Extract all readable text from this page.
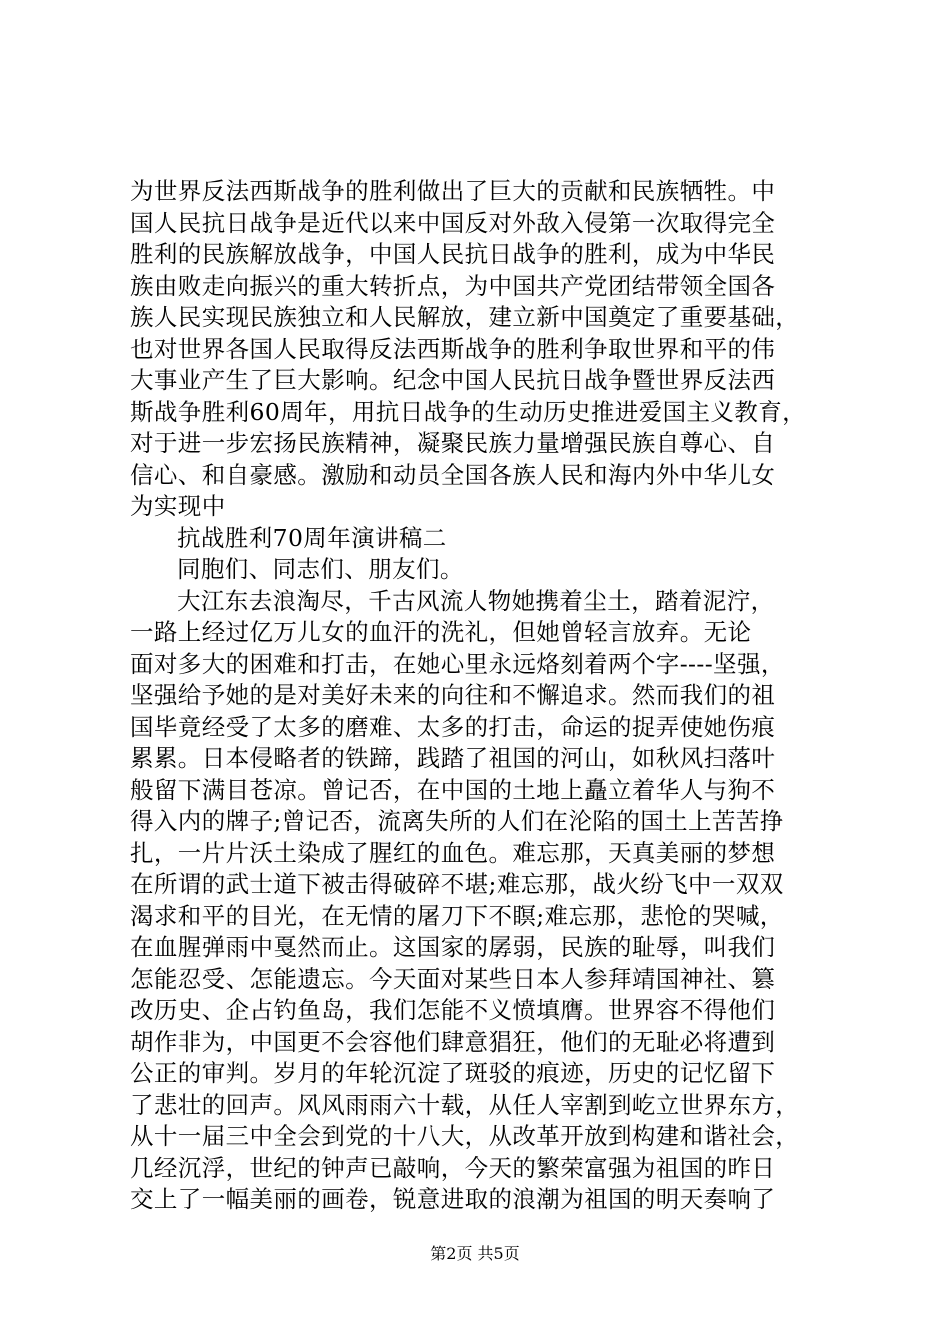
为世界反法西斯战争的胜利做出了巨大的贡献和民族牺牲。中
国人民抗日战争是近代以来中国反对外敌入侵第一次取得完全
胜利的民族解放战争，中国人民抗日战争的胜利，成为中华民
族由败走向振兴的重大转折点，为中国共产党团结带领全国各
族人民实现民族独立和人民解放，建立新中国奠定了重要基础，
也对世界各国人民取得反法西斯战争的胜利争取世界和平的伟
大事业产生了巨大影响。纪念中国人民抗日战争暨世界反法西
斯战争胜利60周年，用抗日战争的生动历史推进爱国主义教育，
对于进一步宏扬民族精神，凝聚民族力量增强民族自尊心、自
信心、和自豪感。激励和动员全国各族人民和海内外中华儿女
为实现中
抗战胜利70周年演讲稿二
同胞们、同志们、朋友们。
大江东去浪淘尽，千古风流人物她携着尘土，踏着泥泞，
一路上经过亿万儿女的血汗的洗礼，但她曾轻言放弃。无论
面对多大的困难和打击，在她心里永远烙刻着两个字----坚强，
坚强给予她的是对美好未来的向往和不懈追求。然而我们的祖
国毕竟经受了太多的磨难、太多的打击，命运的捉弄使她伤痕
累累。日本侵略者的铁蹄，践踏了祖国的河山，如秋风扫落叶
般留下满目苍凉。曾记否，在中国的土地上矗立着华人与狗不
得入内的牌子;曾记否，流离失所的人们在沦陷的国土上苦苦挣
扎，一片片沃土染成了腥红的血色。难忘那，天真美丽的梦想
在所谓的武士道下被击得破碎不堪;难忘那，战火纷飞中一双双
渴求和平的目光，在无情的屠刀下不瞑;难忘那，悲怆的哭喊，
在血腥弹雨中戛然而止。这国家的孱弱，民族的耻辱，叫我们
怎能忍受、怎能遗忘。今天面对某些日本人参拜靖国神社、篡
改历史、企占钓鱼岛，我们怎能不义愤填膺。世界容不得他们
胡作非为，中国更不会容他们肆意猖狂，他们的无耻必将遭到
公正的审判。岁月的年轮沉淀了斑驳的痕迹，历史的记忆留下
了悲壮的回声。风风雨雨六十载，从任人宰割到屹立世界东方，
从十一届三中全会到党的十八大，从改革开放到构建和谐社会，
几经沉浮，世纪的钟声已敲响，今天的繁荣富强为祖国的昨日
交上了一幅美丽的画卷，锐意进取的浪潮为祖国的明天奏响了
第2页 共5页
